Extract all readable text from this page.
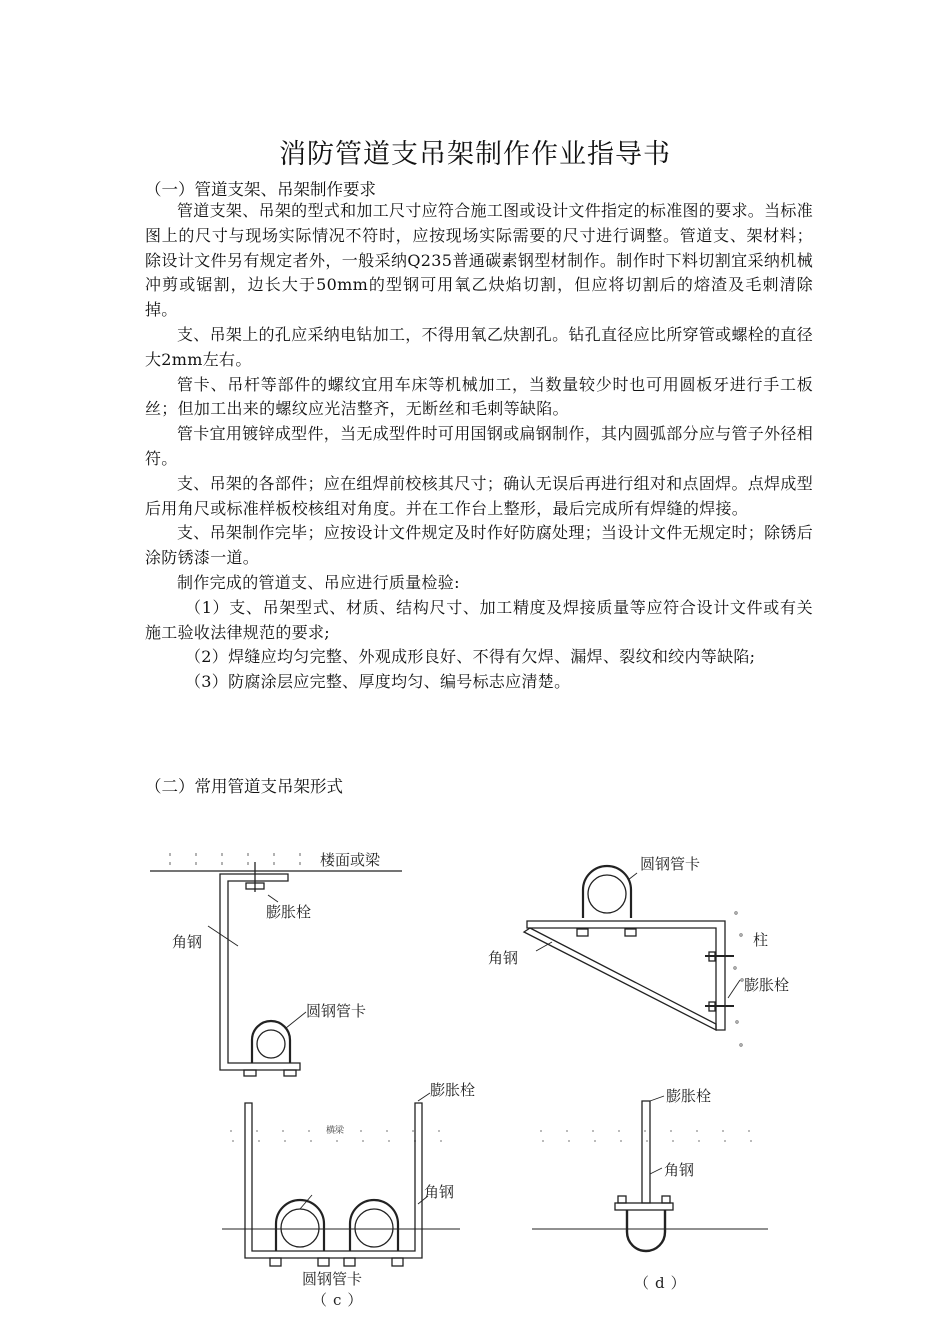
消防管道支吊架制作作业指导书
（一）管道支架、吊架制作要求

管道支架、吊架的型式和加工尺寸应符合施工图或设计文件指定的标准图的要求。当标准图上的尺寸与现场实际情况不符时，应按现场实际需要的尺寸进行调整。管道支、架材料；除设计文件另有规定者外，一般采纳Q235普通碳素钢型材制作。制作时下料切割宜采纳机械冲剪或锯割，边长大于50mm的型钢可用氧乙炔焰切割，但应将切割后的熔渣及毛刺清除掉。

支、吊架上的孔应采纳电钻加工，不得用氧乙炔割孔。钻孔直径应比所穿管或螺栓的直径大2mm左右。

管卡、吊杆等部件的螺纹宜用车床等机械加工，当数量较少时也可用圆板牙进行手工板丝；但加工出来的螺纹应光洁整齐，无断丝和毛刺等缺陷。

管卡宜用镀锌成型件，当无成型件时可用国钢或扁钢制作，其内圆弧部分应与管子外径相符。

支、吊架的各部件；应在组焊前校核其尺寸；确认无误后再进行组对和点固焊。点焊成型后用角尺或标准样板校核组对角度。并在工作台上整形，最后完成所有焊缝的焊接。

支、吊架制作完毕；应按设计文件规定及时作好防腐处理；当设计文件无规定时；除锈后涂防锈漆一道。

制作完成的管道支、吊应进行质量检验:

（1）支、吊架型式、材质、结构尺寸、加工精度及焊接质量等应符合设计文件或有关施工验收法律规范的要求;

（2）焊缝应均匀完整、外观成形良好、不得有欠焊、漏焊、裂纹和绞内等缺陷;

（3）防腐涂层应完整、厚度均匀、编号标志应清楚。

（二）常用管道支吊架形式
楼面或梁
膨胀栓
角钢
圆钢管卡
圆钢管卡
角钢
柱
膨胀栓
膨胀栓
横梁
角钢
圆钢管卡
（c）
膨胀栓
角钢
（d）
